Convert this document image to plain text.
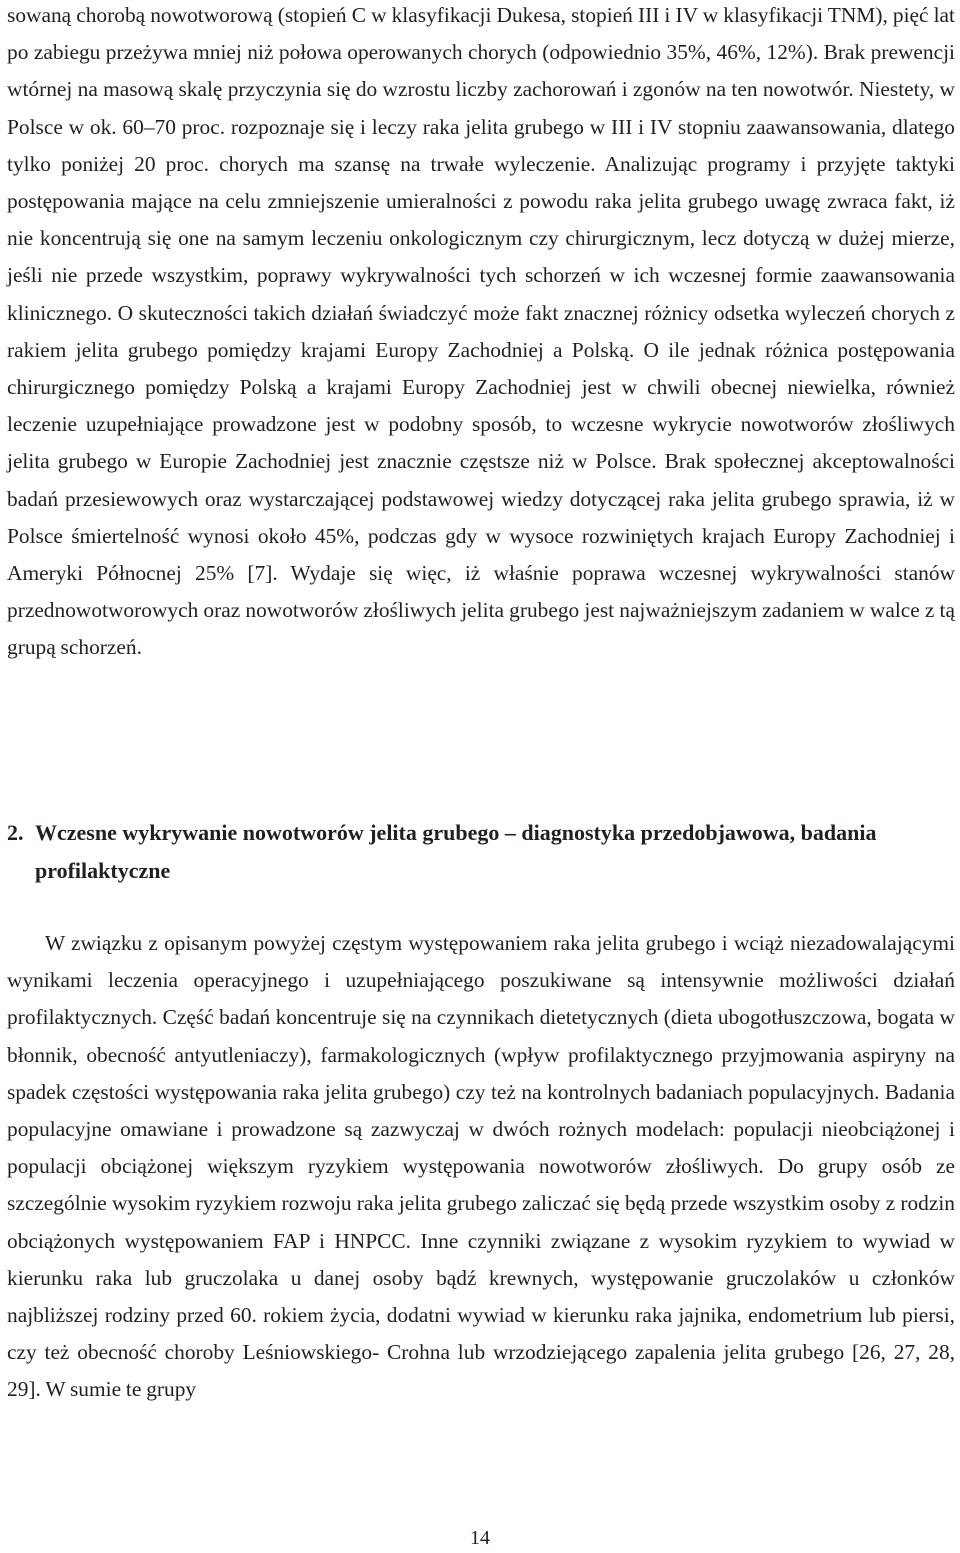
sowaną chorobą nowotworową (stopień C w klasyfikacji Dukesa, stopień III i IV w klasyfikacji TNM), pięć lat po zabiegu przeżywa mniej niż połowa operowanych chorych (odpowiednio 35%, 46%, 12%). Brak prewencji wtórnej na masową skalę przyczynia się do wzrostu liczby zachorowań i zgonów na ten nowotwór. Niestety, w Polsce w ok. 60–70 proc. rozpoznaje się i leczy raka jelita grubego w III i IV stopniu zaawansowania, dlatego tylko poniżej 20 proc. chorych ma szansę na trwałe wyleczenie. Analizując programy i przyjęte taktyki postępowania mające na celu zmniejszenie umieralności z powodu raka jelita grubego uwagę zwraca fakt, iż nie koncentrują się one na samym leczeniu onkologicznym czy chirurgicznym, lecz dotyczą w dużej mierze, jeśli nie przede wszystkim, poprawy wykrywalności tych schorzeń w ich wczesnej formie zaawansowania klinicznego. O skuteczności takich działań świadczyć może fakt znacznej różnicy odsetka wyleczeń chorych z rakiem jelita grubego pomiędzy krajami Europy Zachodniej a Polską. O ile jednak różnica postępowania chirurgicznego pomiędzy Polską a krajami Europy Zachodniej jest w chwili obecnej niewielka, również leczenie uzupełniające prowadzone jest w podobny sposób, to wczesne wykrycie nowotworów złośliwych jelita grubego w Europie Zachodniej jest znacznie częstsze niż w Polsce. Brak społecznej akceptowalności badań przesiewowych oraz wystarczającej podstawowej wiedzy dotyczącej raka jelita grubego sprawia, iż w Polsce śmiertelność wynosi około 45%, podczas gdy w wysoce rozwiniętych krajach Europy Zachodniej i Ameryki Północnej 25% [7]. Wydaje się więc, iż właśnie poprawa wczesnej wykrywalności stanów przednowotworowych oraz nowotworów złośliwych jelita grubego jest najważniejszym zadaniem w walce z tą grupą schorzeń.

2. Wczesne wykrywanie nowotworów jelita grubego – diagnostyka przedobjawowa, badania profilaktyczne

W związku z opisanym powyżej częstym występowaniem raka jelita grubego i wciąż niezadowalającymi wynikami leczenia operacyjnego i uzupełniającego poszukiwane są intensywnie możliwości działań profilaktycznych. Część badań koncentruje się na czynnikach dietetycznych (dieta ubogotłuszczowa, bogata w błonnik, obecność antyutleniaczy), farmakologicznych (wpływ profilaktycznego przyjmowania aspiryny na spadek częstości występowania raka jelita grubego) czy też na kontrolnych badaniach populacyjnych. Badania populacyjne omawiane i prowadzone są zazwyczaj w dwóch rożnych modelach: populacji nieobciążonej i populacji obciążonej większym ryzykiem występowania nowotworów złośliwych. Do grupy osób ze szczególnie wysokim ryzykiem rozwoju raka jelita grubego zaliczać się będą przede wszystkim osoby z rodzin obciążonych występowaniem FAP i HNPCC. Inne czynniki związane z wysokim ryzykiem to wywiad w kierunku raka lub gruczolaka u danej osoby bądź krewnych, występowanie gruczolaków u członków najbliższej rodziny przed 60. rokiem życia, dodatni wywiad w kierunku raka jajnika, endometrium lub piersi, czy też obecność choroby Leśniowskiego- Crohna lub wrzodziejącego zapalenia jelita grubego [26, 27, 28, 29]. W sumie te grupy

14
